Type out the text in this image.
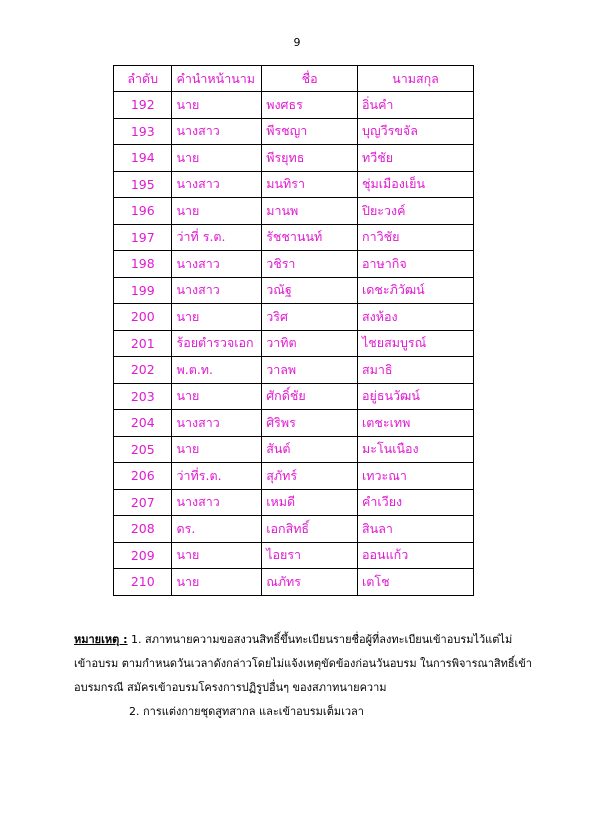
9
ลำดับ	คำนำหน้านาม	ชื่อ	นามสกุล
192	นาย	พงศธร	อิ่นคำ
193	นางสาว	พีรชญา	บุญวีรขจัล
194	นาย	พีรยุทธ	ทวีชัย
195	นางสาว	มนทิรา	ชุ่มเมืองเย็น
196	นาย	มานพ	ปิยะวงค์
197	ว่าที่ ร.ต.	รัชชานนท์	กาวิชัย
198	นางสาว	วชิรา	อาษากิจ
199	นางสาว	วณัฐ	เดชะภิวัฒน์
200	นาย	วริศ	สงห้อง
201	ร้อยตำรวจเอก	วาทิต	ไชยสมบูรณ์
202	พ.ต.ท.	วาลพ	สมาธิ
203	นาย	ศักดิ์ชัย	อยู่ธนวัฒน์
204	นางสาว	ศิริพร	เตชะเทพ
205	นาย	สันต์	มะโนเนือง
206	ว่าที่ร.ต.	สุภัทร์	เทวะณา
207	นางสาว	เหมดี	คำเวียง
208	ดร.	เอกสิทธิ์	สินลา
209	นาย	ไอยรา	ออนแก้ว
210	นาย	ณภัทร	เตโช
หมายเหตุ : 1. สภาทนายความขอสงวนสิทธิ์ขึ้นทะเบียนรายชื่อผู้ที่ลงทะเบียนเข้าอบรมไว้แต่ไม่
เข้าอบรม ตามกำหนดวันเวลาดังกล่าวโดยไม่แจ้งเหตุขัดข้องก่อนวันอบรม ในการพิจารณาสิทธิ์เข้า
อบรมกรณี สมัครเข้าอบรมโครงการปฏิรูปอื่นๆ ของสภาทนายความ
2. การแต่งกายชุดสูทสากล และเข้าอบรมเต็มเวลา
